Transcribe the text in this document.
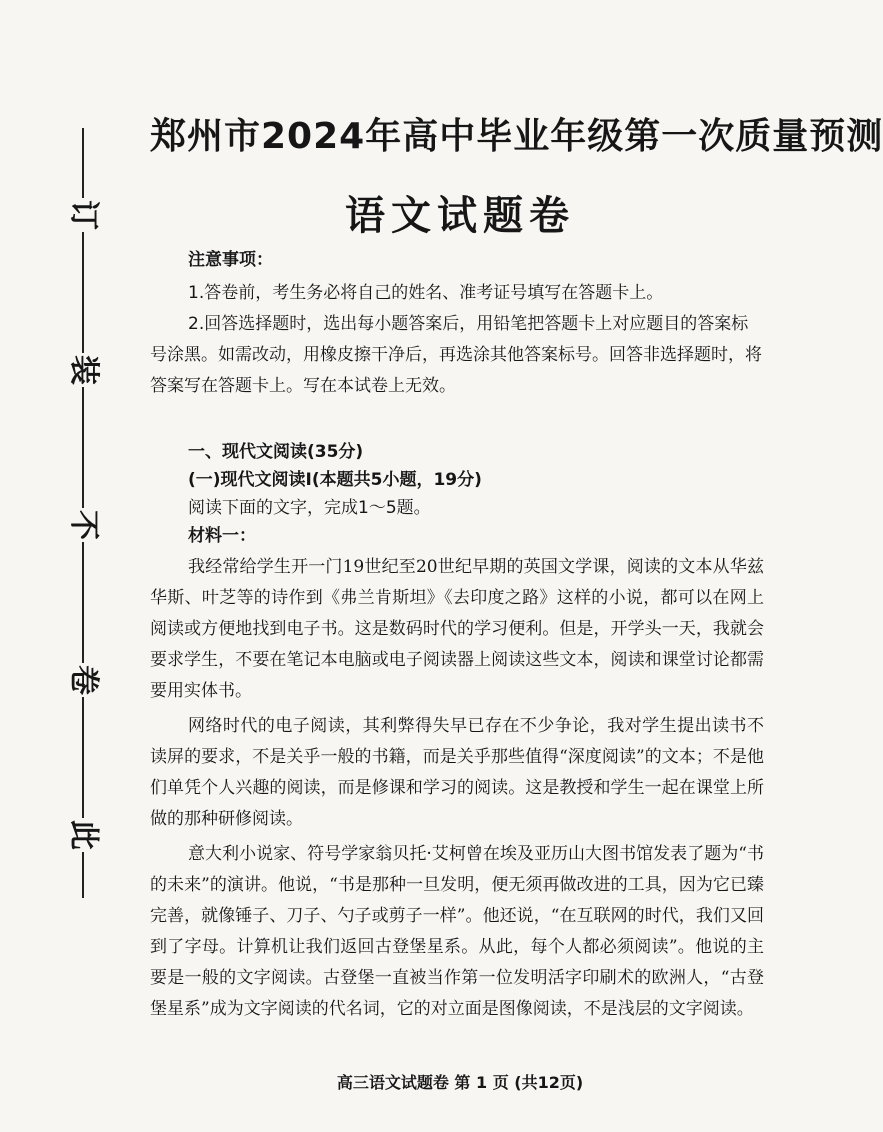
此
卷
不
装
订
郑州市2024年高中毕业年级第一次质量预测
语文试题卷

注意事项：

1.答卷前，考生务必将自己的姓名、准考证号填写在答题卡上。

2.回答选择题时，选出每小题答案后，用铅笔把答题卡上对应题目的答案标号涂黑。如需改动，用橡皮擦干净后，再选涂其他答案标号。回答非选择题时，将答案写在答题卡上。写在本试卷上无效。

一、现代文阅读(35分)

(一)现代文阅读Ⅰ(本题共5小题，19分)

阅读下面的文字，完成1～5题。

材料一：

我经常给学生开一门19世纪至20世纪早期的英国文学课，阅读的文本从华兹华斯、叶芝等的诗作到《弗兰肯斯坦》《去印度之路》这样的小说，都可以在网上阅读或方便地找到电子书。这是数码时代的学习便利。但是，开学头一天，我就会要求学生，不要在笔记本电脑或电子阅读器上阅读这些文本，阅读和课堂讨论都需要用实体书。

网络时代的电子阅读，其利弊得失早已存在不少争论，我对学生提出读书不读屏的要求，不是关乎一般的书籍，而是关乎那些值得“深度阅读”的文本；不是他们单凭个人兴趣的阅读，而是修课和学习的阅读。这是教授和学生一起在课堂上所做的那种研修阅读。

意大利小说家、符号学家翁贝托·艾柯曾在埃及亚历山大图书馆发表了题为“书的未来”的演讲。他说，“书是那种一旦发明，便无须再做改进的工具，因为它已臻完善，就像锤子、刀子、勺子或剪子一样”。他还说，“在互联网的时代，我们又回到了字母。计算机让我们返回古登堡星系。从此，每个人都必须阅读”。他说的主要是一般的文字阅读。古登堡一直被当作第一位发明活字印刷术的欧洲人，“古登堡星系”成为文字阅读的代名词，它的对立面是图像阅读，不是浅层的文字阅读。

高三语文试题卷 第 1 页 (共12页)
